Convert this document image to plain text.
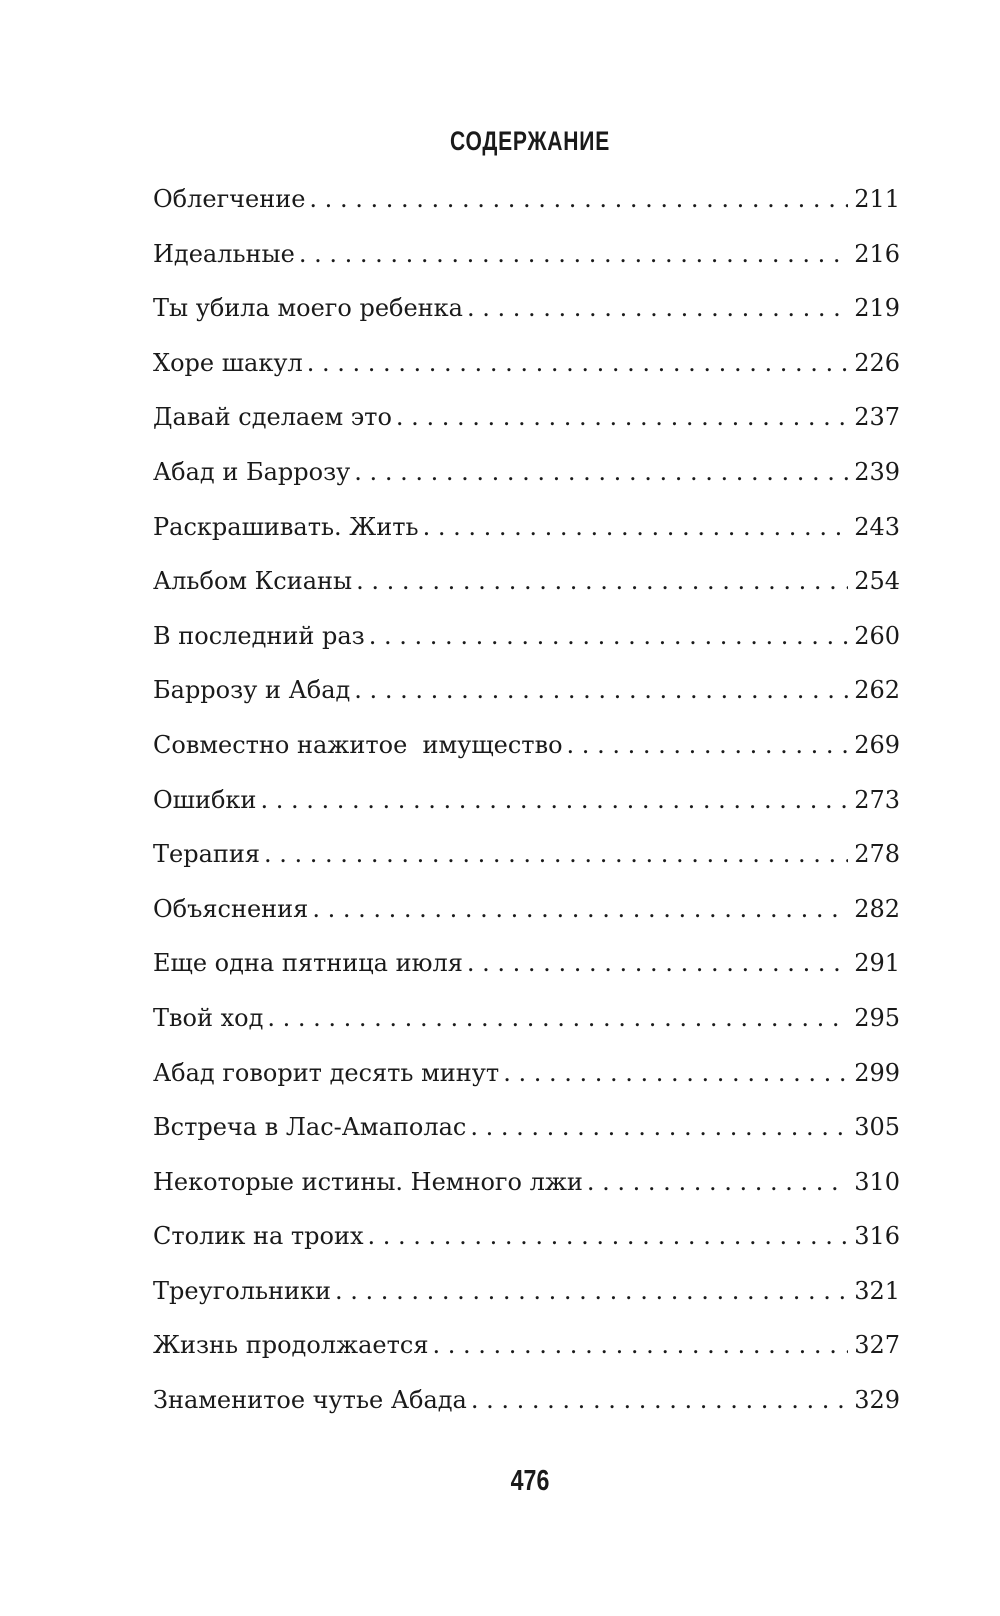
СОДЕРЖАНИЕ
Облегчение . . .	211
Идеальные . . .	216
Ты убила моего ребенка . . .	219
Хоре шакул . . .	226
Давай сделаем это . . .	237
Абад и Баррозу . . .	239
Раскрашивать. Жить . . .	243
Альбом Ксианы . . .	254
В последний раз . . .	260
Баррозу и Абад . . .	262
Совместно нажитое  имущество . . .	269
Ошибки . . .	273
Терапия . . .	278
Объяснения . . .	282
Еще одна пятница июля . . .	291
Твой ход . . .	295
Абад говорит десять минут . . .	299
Встреча в Лас-Амаполас . . .	305
Некоторые истины. Немного лжи . . .	310
Столик на троих . . .	316
Треугольники . . .	321
Жизнь продолжается . . .	327
Знаменитое чутье Абада . . .	329
476
